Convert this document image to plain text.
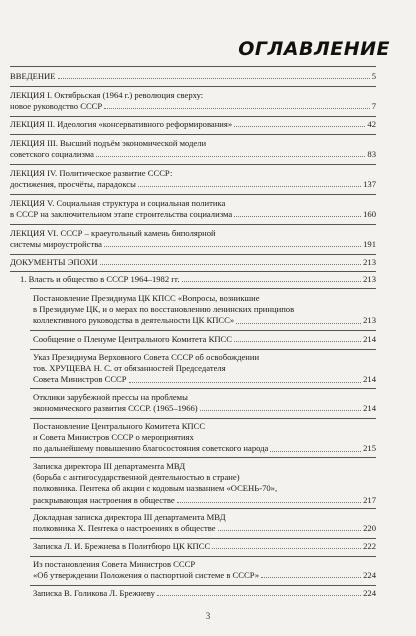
ОГЛАВЛЕНИЕ
ВВЕДЕНИЕ	5
ЛЕКЦИЯ I. Октябрьская (1964 г.) революция сверху:
новое руководство СССР	7
ЛЕКЦИЯ II. Идеология «консервативного реформирования»	42
ЛЕКЦИЯ III. Высший подъём экономической модели
советского социализма	83
ЛЕКЦИЯ IV. Политическое развитие СССР:
достижения, просчёты, парадоксы	137
ЛЕКЦИЯ V. Социальная структура и социальная политика
в СССР на заключительном этапе строительства социализма	160
ЛЕКЦИЯ VI. СССР – краеугольный камень биполярной
системы мироустройства	191
ДОКУМЕНТЫ ЭПОХИ	213
1. Власть и общество в СССР 1964–1982 гг.	213
Постановление Президиума ЦК КПСС «Вопросы, возникшие
в Президиуме ЦК, и о мерах по восстановлению ленинских принципов
коллективного руководства в деятельности ЦК КПСС»	213
Сообщение о Пленуме Центрального Комитета КПСС	214
Указ Президиума Верховного Совета СССР об освобождении
тов. ХРУЩЕВА Н. С. от обязанностей Председателя
Совета Министров СССР	214
Отклики зарубежной прессы на проблемы
экономического развития СССР. (1965–1966)	214
Постановление Центрального Комитета КПСС
и Совета Министров СССР о мероприятиях
по дальнейшему повышению благосостояния советского народа	215
Записка директора III департамента МВД
(борьба с антигосударственной деятельностью в стране)
полковника. Пентека об акции с кодовым названием «ОСЕНЬ-70»,
раскрывающая настроения в обществе	217
Докладная записка директора III департамента МВД
полковника Х. Пентека о настроениях в обществе	220
Записка Л. И. Брежнева в Политбюро ЦК КПСС	222
Из постановления Совета Министров СССР
«Об утверждении Положения о паспортной системе в СССР»	224
Записка В. Голикова Л. Брежневу	224
3
